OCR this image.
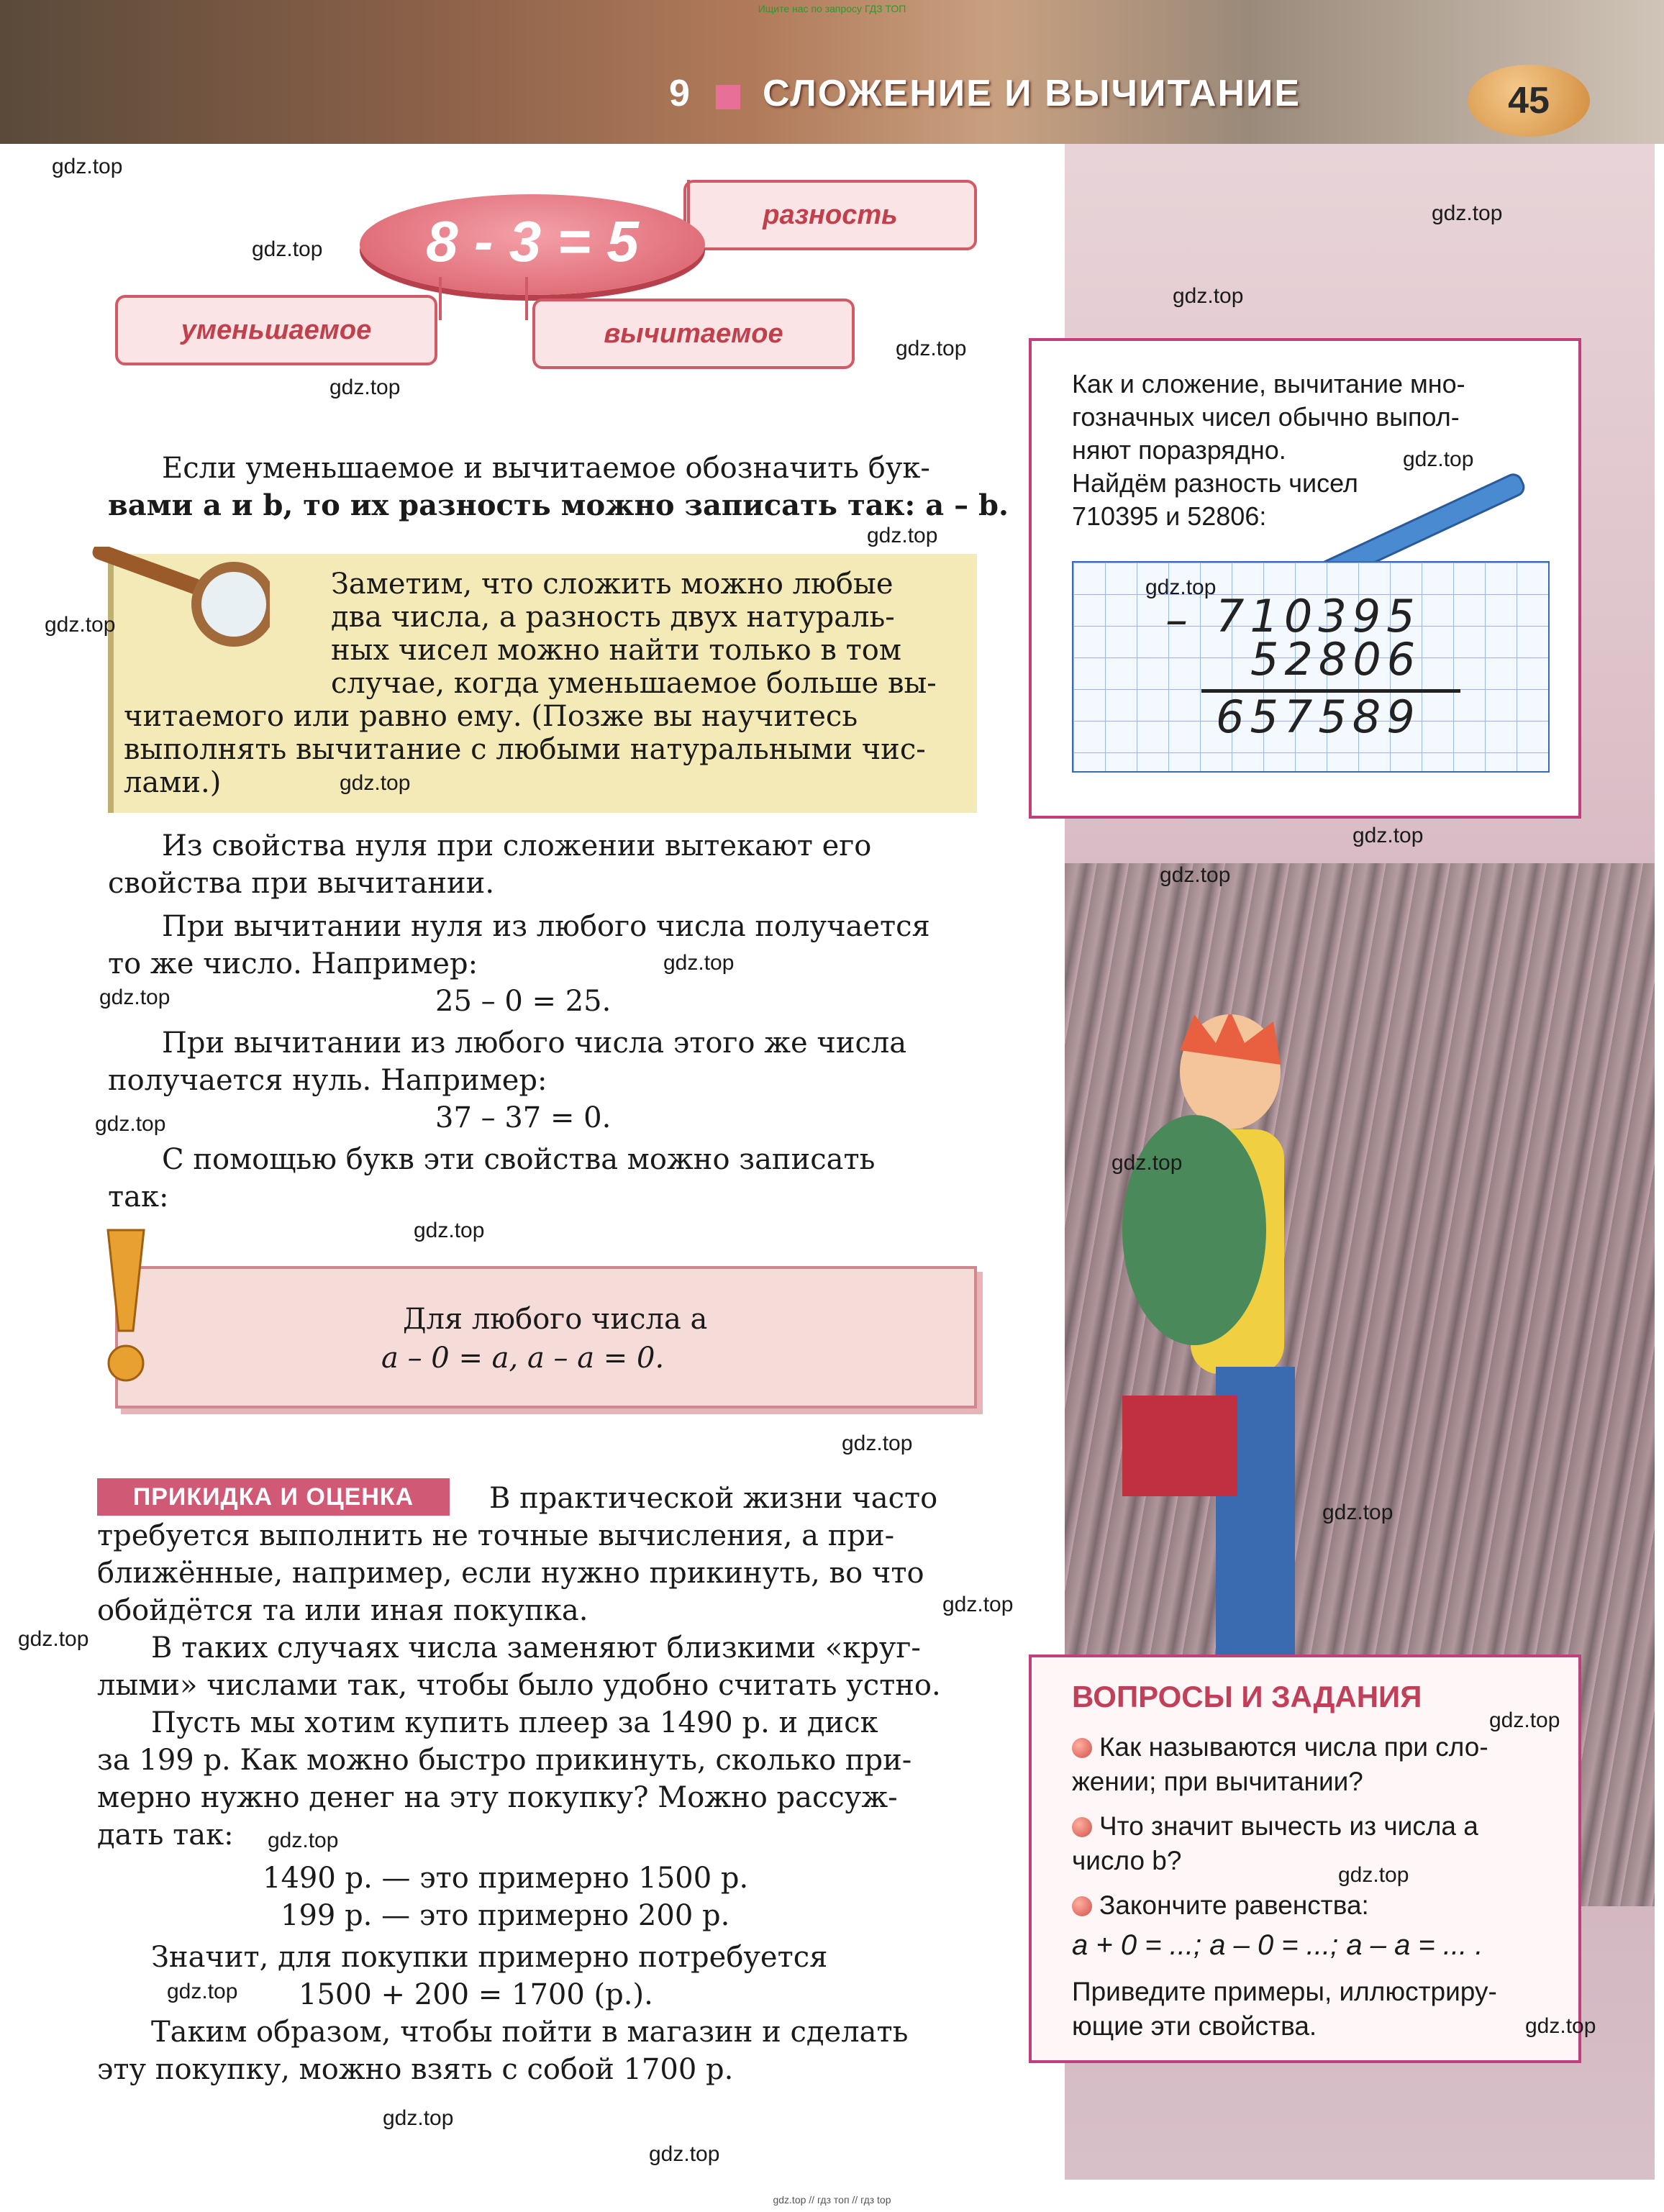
Ищите нас по запросу ГДЗ ТОП
9 СЛОЖЕНИЕ И ВЫЧИТАНИЕ	45
разность
8 - 3 = 5
уменьшаемое	вычитаемое
Если уменьшаемое и вычитаемое обозначить бук-
вами a и b, то их разность можно записать так: a – b.
Заметим, что сложить можно любые
два числа, а разность двух натураль-
ных чисел можно найти только в том
случае, когда уменьшаемое больше вы-
читаемого или равно ему. (Позже вы научитесь
выполнять вычитание с любыми натуральными чис-
лами.)
Из свойства нуля при сложении вытекают его
свойства при вычитании.
При вычитании нуля из любого числа получается
то же число. Например:
25 – 0 = 25.
При вычитании из любого числа этого же числа
получается нуль. Например:
37 – 37 = 0.
С помощью букв эти свойства можно записать
так:
Для любого числа a
a – 0 = a, a – a = 0.
ПРИКИДКА И ОЦЕНКА	В практической жизни часто
требуется выполнить не точные вычисления, а при-
ближённые, например, если нужно прикинуть, во что
обойдётся та или иная покупка.
В таких случаях числа заменяют близкими «круг-
лыми» числами так, чтобы было удобно считать устно.
Пусть мы хотим купить плеер за 1490 р. и диск
за 199 р. Как можно быстро прикинуть, сколько при-
мерно нужно денег на эту покупку? Можно рассуж-
дать так:
1490 р. — это примерно 1500 р.
199 р. — это примерно 200 р.
Значит, для покупки примерно потребуется
1500 + 200 = 1700 (р.).
Таким образом, чтобы пойти в магазин и сделать
эту покупку, можно взять с собой 1700 р.
Как и сложение, вычитание мно-
гозначных чисел обычно выпол-
няют поразрядно.
Найдём разность чисел
710395 и 52806:
– 710395
52806
657589
ВОПРОСЫ И ЗАДАНИЯ
Как называются числа при сло-
жении; при вычитании?
Что значит вычесть из числа a
число b?
Закончите равенства:
a + 0 = ...; a – 0 = ...; a – a = ... .
Приведите примеры, иллюстриру-
ющие эти свойства.
gdz.top
gdz.top
gdz.top
gdz.top
gdz.top
gdz.top
gdz.top
gdz.top
gdz.top
gdz.top
gdz.top
gdz.top
gdz.top
gdz.top
gdz.top
gdz.top
gdz.top
gdz.top
gdz.top
gdz.top
gdz.top
gdz.top
gdz.top
gdz.top
gdz.top
gdz.top
gdz.top
gdz.top
gdz.top
gdz.top // гдз топ // гдз top
